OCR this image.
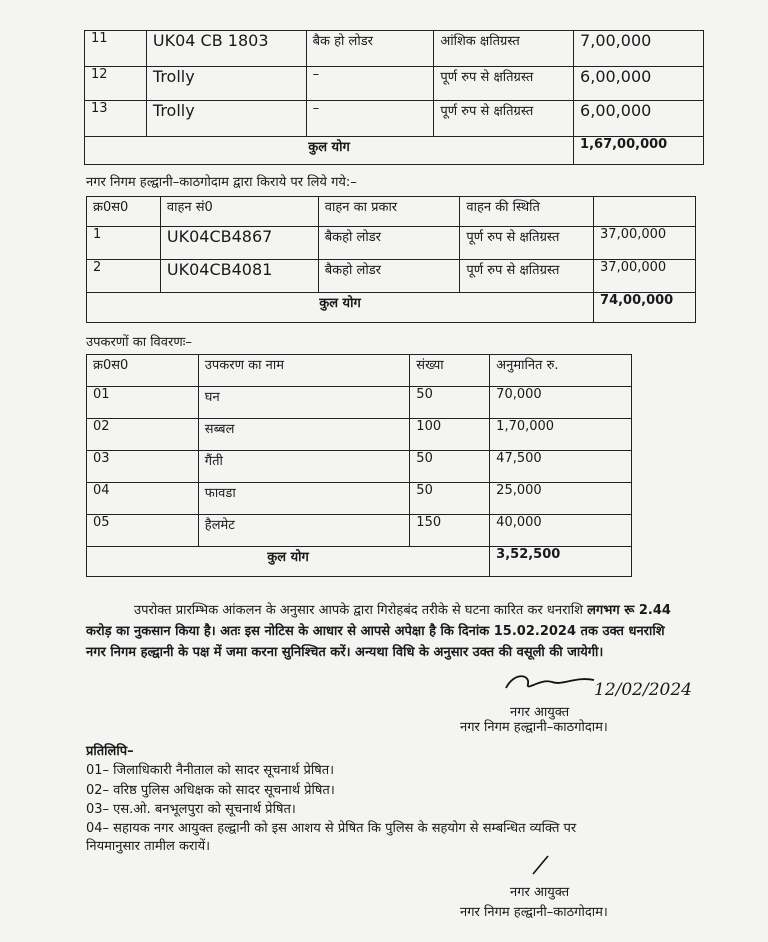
11	UK04 CB 1803	बैक हो लोडर	आंशिक क्षतिग्रस्त	7,00,000
12	Trolly	–	पूर्ण रुप से क्षतिग्रस्त	6,00,000
13	Trolly	–	पूर्ण रुप से क्षतिग्रस्त	6,00,000
कुल योग				1,67,00,000
नगर निगम हल्द्वानी–काठगोदाम द्वारा किराये पर लिये गये:–
क्र0स0	वाहन सं0	वाहन का प्रकार	वाहन की स्थिति	
1	UK04CB4867	बैकहो लोडर	पूर्ण रुप से क्षतिग्रस्त	37,00,000
2	UK04CB4081	बैकहो लोडर	पूर्ण रुप से क्षतिग्रस्त	37,00,000
कुल योग				74,00,000
उपकरणों का विवरणः–
क्र0स0	उपकरण का नाम	संख्या	अनुमानित रु.
01	घन	50	70,000
02	सब्बल	100	1,70,000
03	गैंती	50	47,500
04	फावडा	50	25,000
05	हैलमेट	150	40,000
कुल योग			3,52,500
उपरोक्त प्रारम्भिक आंकलन के अनुसार आपके द्वारा गिरोहबंद तरीके से घटना कारित कर धनराशि लगभग रू 2.44 करोड़ का नुकसान किया है। अतः इस नोटिस के आधार से आपसे अपेक्षा है कि दिनांक 15.02.2024 तक उक्त धनराशि नगर निगम हल्द्वानी के पक्ष में जमा करना सुनिश्चित करें। अन्यथा विधि के अनुसार उक्त की वसूली की जायेगी।
12/02/2024
नगर आयुक्त
नगर निगम हल्द्वानी–काठगोदाम।
प्रतिलिपि–
01– जिलाधिकारी नैनीताल को सादर सूचनार्थ प्रेषित।
02– वरिष्ठ पुलिस अधिक्षक को सादर सूचनार्थ प्रेषित।
03– एस.ओ. बनभूलपुरा को सूचनार्थ प्रेषित।
04– सहायक नगर आयुक्त हल्द्वानी को इस आशय से प्रेषित कि पुलिस के सहयोग से सम्बन्धित व्यक्ति पर
नियमानुसार तामील करायें।
नगर आयुक्त
नगर निगम हल्द्वानी–काठगोदाम।
